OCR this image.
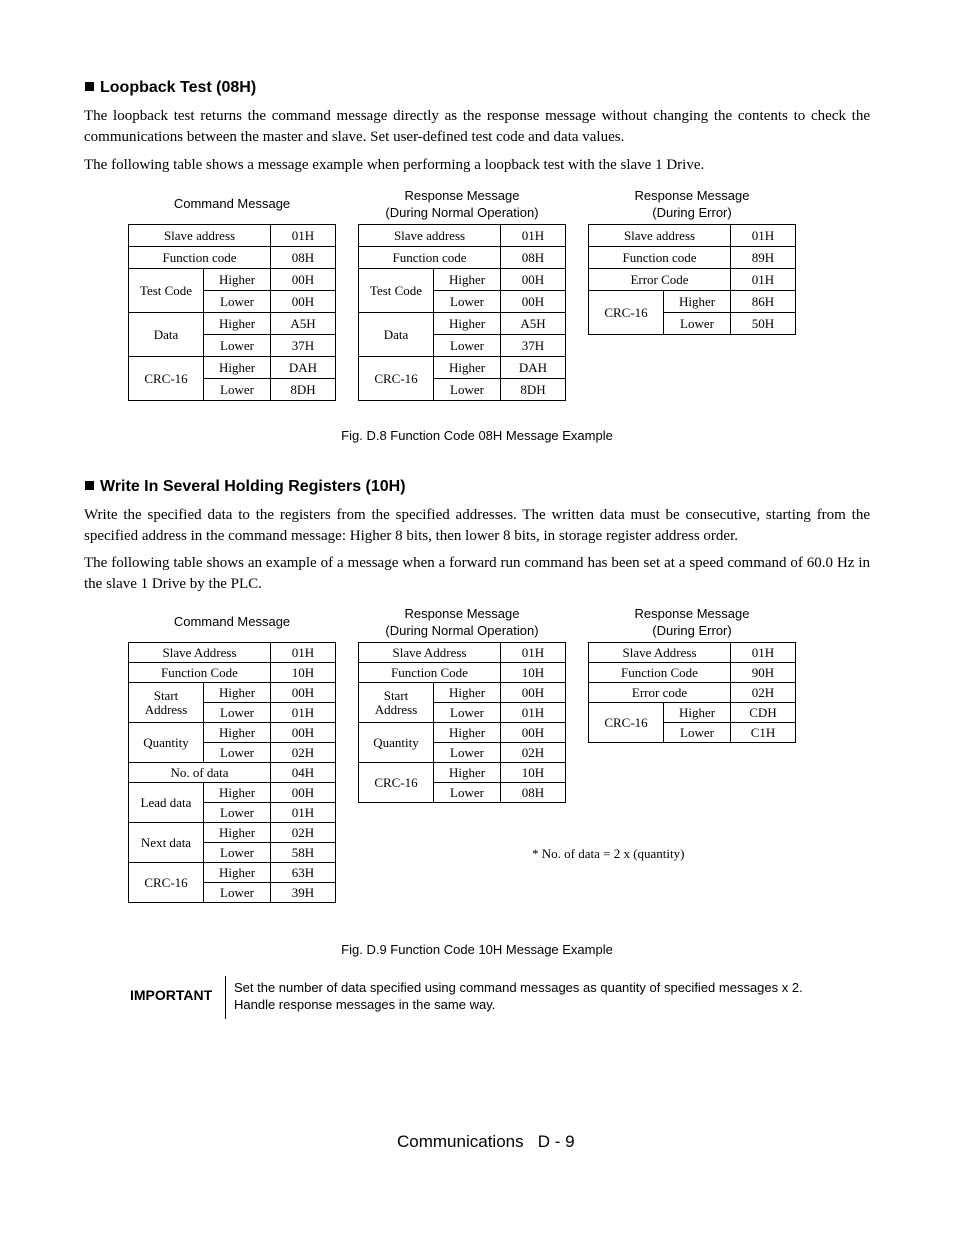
Loopback Test (08H)
The loopback test returns the command message directly as the response message without changing the contents to check the communications between the master and slave. Set user-defined test code and data values.
The following table shows a message example when performing a loopback test with the slave 1 Drive.
Command Message
Response Message
(During Normal Operation)
Response Message
(During Error)
Slave address		01H
Function code		08H
Test Code	Higher	00H
	Lower	00H
Data	Higher	A5H
	Lower	37H
CRC-16	Higher	DAH
	Lower	8DH
Slave address		01H
Function code		08H
Test Code	Higher	00H
	Lower	00H
Data	Higher	A5H
	Lower	37H
CRC-16	Higher	DAH
	Lower	8DH
Slave address		01H
Function code		89H
Error Code		01H
CRC-16	Higher	86H
	Lower	50H
Fig. D.8 Function Code 08H Message Example
Write In Several Holding Registers (10H)
Write the specified data to the registers from the specified addresses. The written data must be consecutive, starting from the specified address in the command message: Higher 8 bits, then lower 8 bits, in storage register address order.
The following table shows an example of a message when a forward run command has been set at a speed command of 60.0 Hz in the slave 1 Drive by the PLC.
Command Message
Response Message
(During Normal Operation)
Response Message
(During Error)
Slave Address		01H
Function Code		10H

Start
Address	Higher	00H
	Lower	01H
Quantity	Higher	00H
	Lower	02H
No. of data		04H
Lead data	Higher	00H
	Lower	01H
Next data	Higher	02H
	Lower	58H
CRC-16	Higher	63H
	Lower	39H
Slave Address		01H
Function Code		10H

Start
Address	Higher	00H
	Lower	01H
Quantity	Higher	00H
	Lower	02H
CRC-16	Higher	10H
	Lower	08H
Slave Address		01H
Function Code		90H
Error code		02H
CRC-16	Higher	CDH
	Lower	C1H
* No. of data = 2 x (quantity)
Fig. D.9 Function Code 10H Message Example
IMPORTANT Set the number of data specified using command messages as quantity of specified messages x 2. Handle response messages in the same way.
Communications   D - 9
